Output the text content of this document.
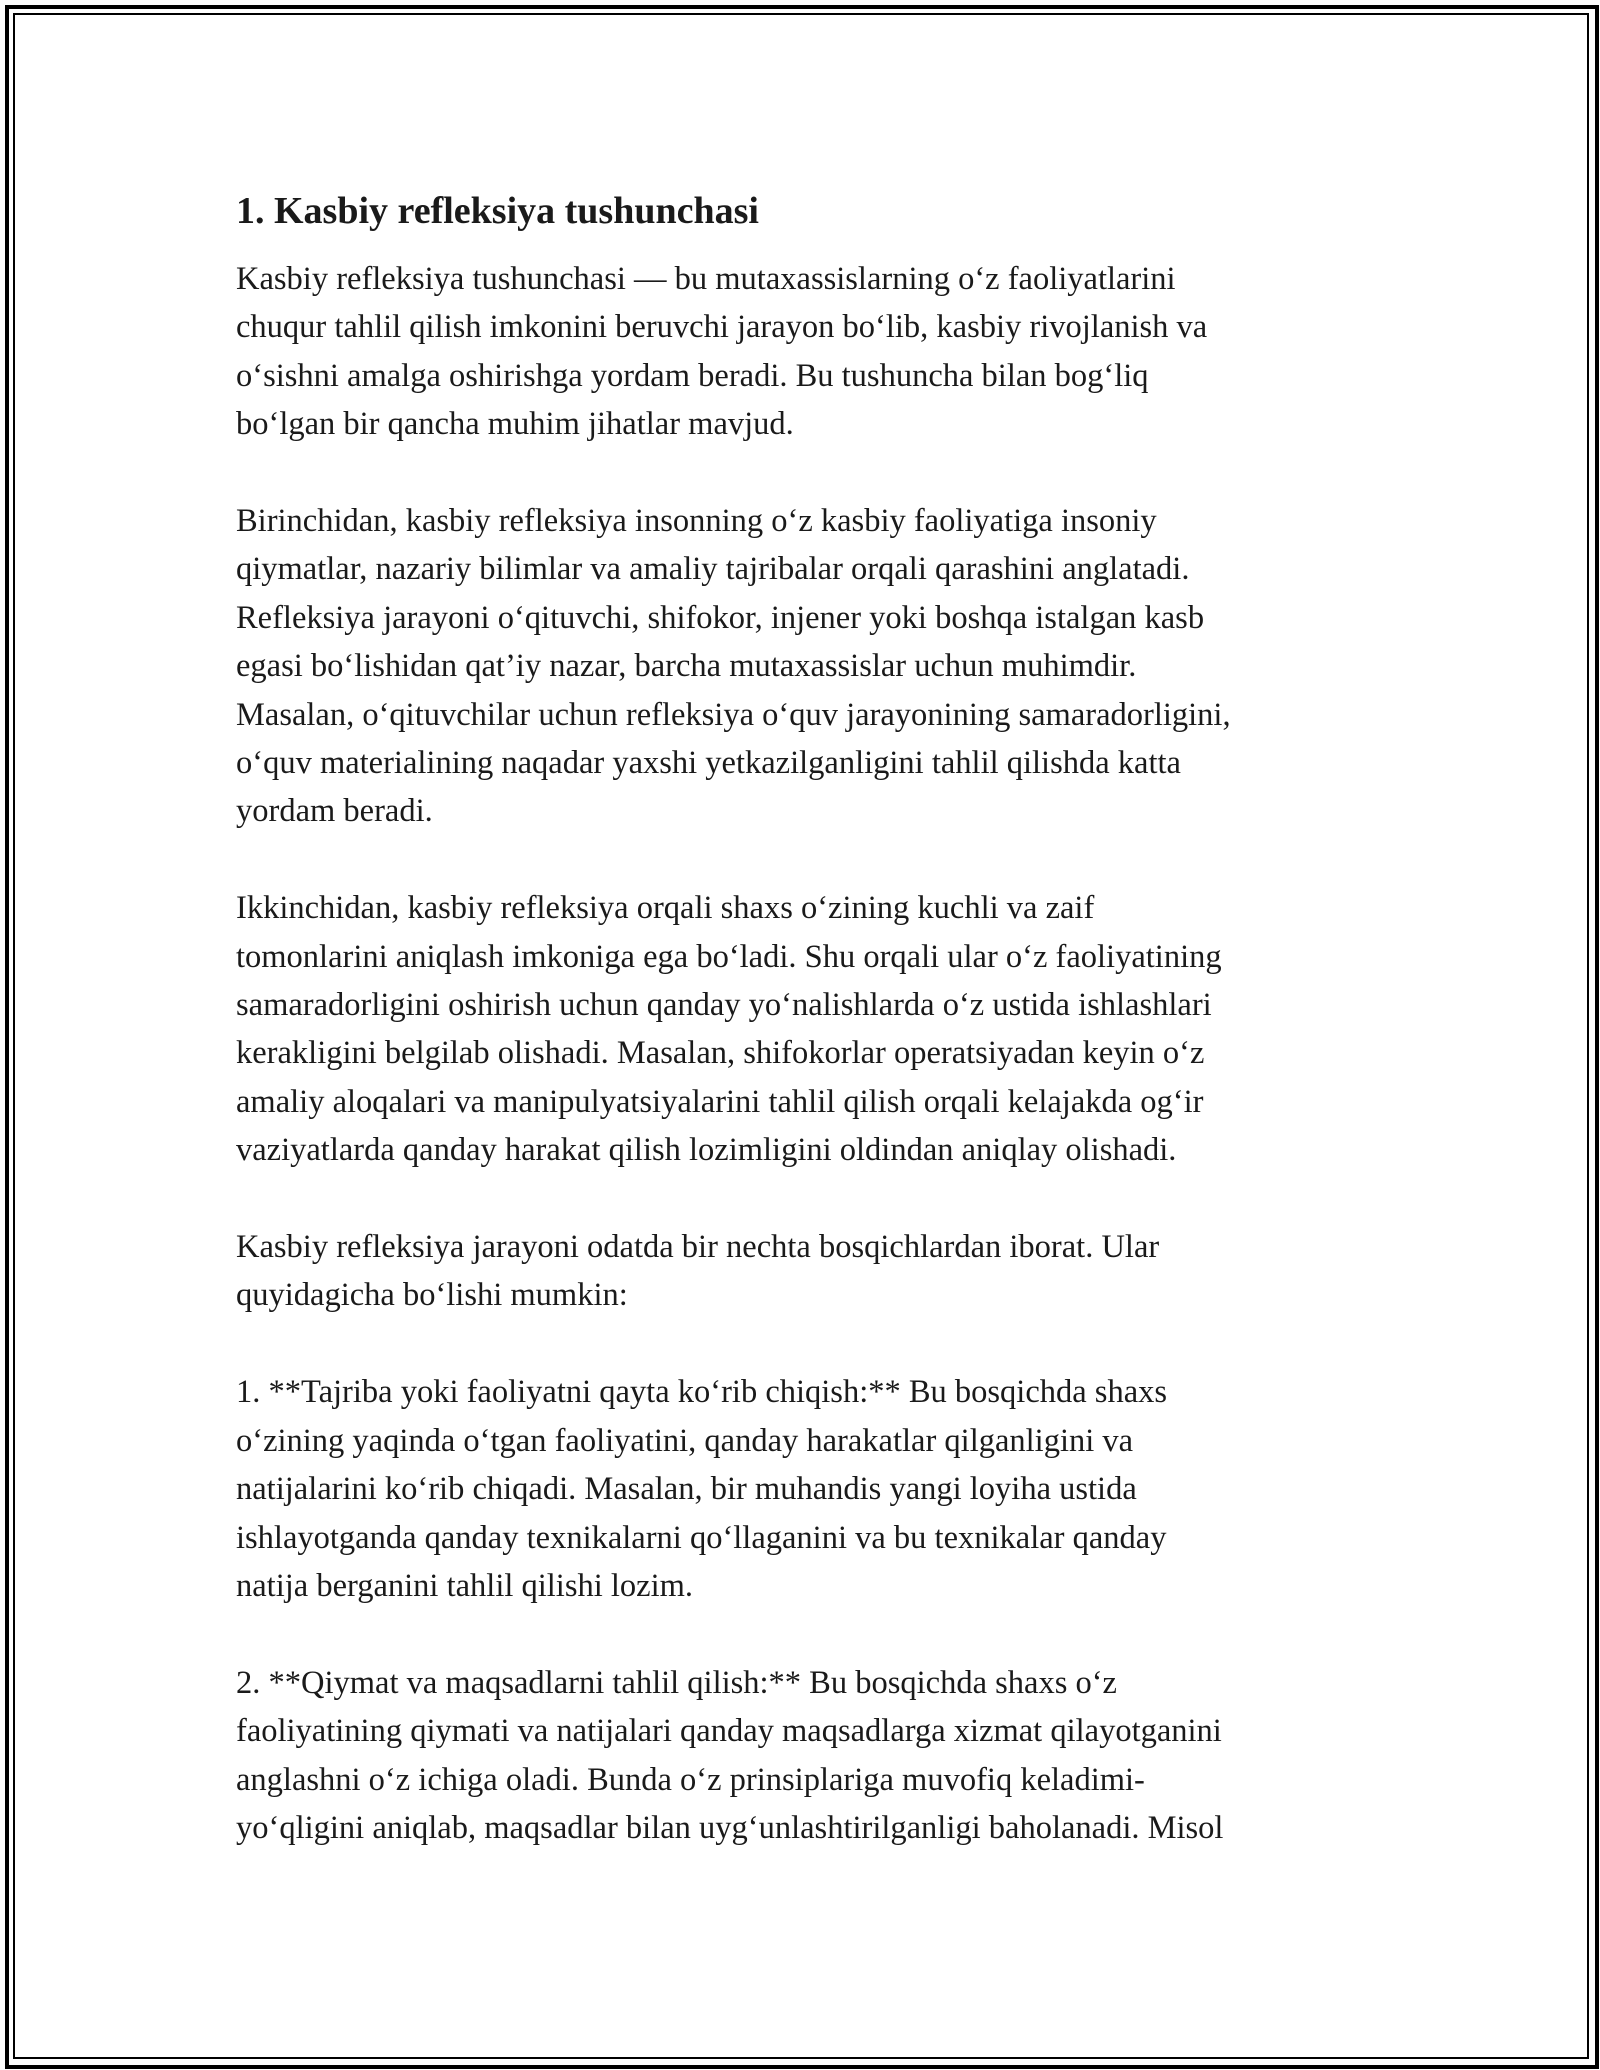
1. Kasbiy refleksiya tushunchasi
Kasbiy refleksiya tushunchasi — bu mutaxassislarning o‘z faoliyatlarini
chuqur tahlil qilish imkonini beruvchi jarayon bo‘lib, kasbiy rivojlanish va
o‘sishni amalga oshirishga yordam beradi. Bu tushuncha bilan bog‘liq
bo‘lgan bir qancha muhim jihatlar mavjud.
Birinchidan, kasbiy refleksiya insonning o‘z kasbiy faoliyatiga insoniy
qiymatlar, nazariy bilimlar va amaliy tajribalar orqali qarashini anglatadi.
Refleksiya jarayoni o‘qituvchi, shifokor, injener yoki boshqa istalgan kasb
egasi bo‘lishidan qat’iy nazar, barcha mutaxassislar uchun muhimdir.
Masalan, o‘qituvchilar uchun refleksiya o‘quv jarayonining samaradorligini,
o‘quv materialining naqadar yaxshi yetkazilganligini tahlil qilishda katta
yordam beradi.
Ikkinchidan, kasbiy refleksiya orqali shaxs o‘zining kuchli va zaif
tomonlarini aniqlash imkoniga ega bo‘ladi. Shu orqali ular o‘z faoliyatining
samaradorligini oshirish uchun qanday yo‘nalishlarda o‘z ustida ishlashlari
kerakligini belgilab olishadi. Masalan, shifokorlar operatsiyadan keyin o‘z
amaliy aloqalari va manipulyatsiyalarini tahlil qilish orqali kelajakda og‘ir
vaziyatlarda qanday harakat qilish lozimligini oldindan aniqlay olishadi.
Kasbiy refleksiya jarayoni odatda bir nechta bosqichlardan iborat. Ular
quyidagicha bo‘lishi mumkin:
1. **Tajriba yoki faoliyatni qayta ko‘rib chiqish:** Bu bosqichda shaxs
o‘zining yaqinda o‘tgan faoliyatini, qanday harakatlar qilganligini va
natijalarini ko‘rib chiqadi. Masalan, bir muhandis yangi loyiha ustida
ishlayotganda qanday texnikalarni qo‘llaganini va bu texnikalar qanday
natija berganini tahlil qilishi lozim.
2. **Qiymat va maqsadlarni tahlil qilish:** Bu bosqichda shaxs o‘z
faoliyatining qiymati va natijalari qanday maqsadlarga xizmat qilayotganini
anglashni o‘z ichiga oladi. Bunda o‘z prinsiplariga muvofiq keladimi-
yo‘qligini aniqlab, maqsadlar bilan uyg‘unlashtirilganligi baholanadi. Misol
